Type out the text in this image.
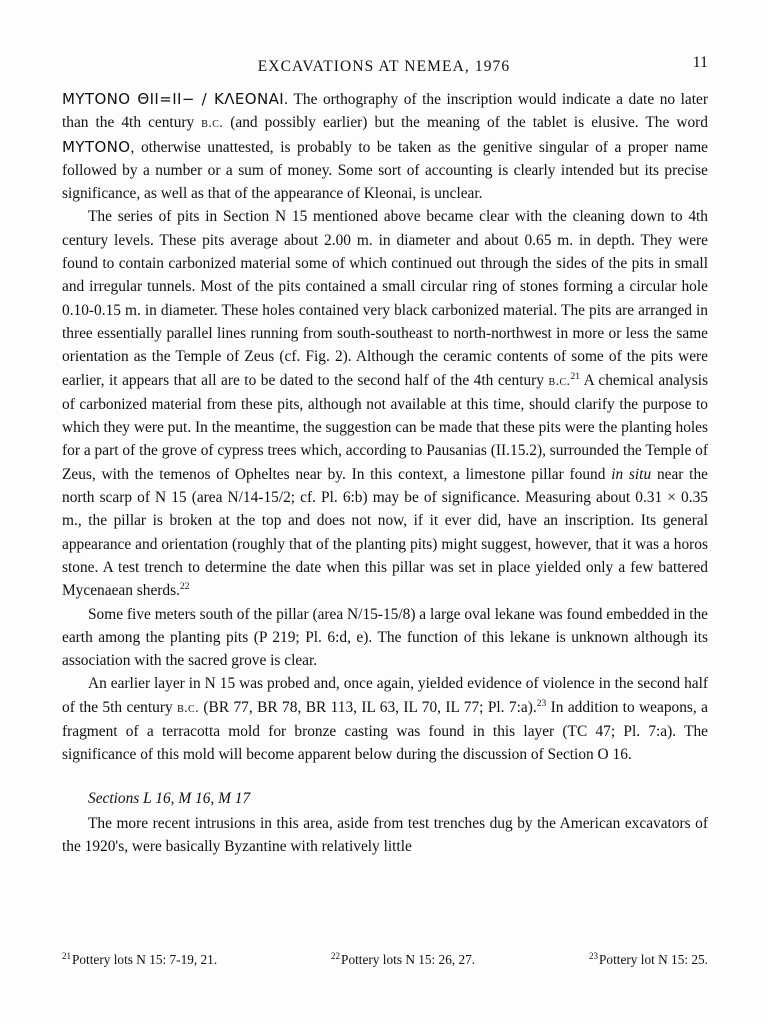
EXCAVATIONS AT NEMEA, 1976	11

ΜΥΤΟΝΟ ΘΙΙ=ΙΙ− / ΚΛΕΟΝΑΙ. The orthography of the inscription would indicate a date no later than the 4th century b.c. (and possibly earlier) but the meaning of the tablet is elusive. The word ΜΥΤΟΝΟ, otherwise unattested, is probably to be taken as the genitive singular of a proper name followed by a number or a sum of money. Some sort of accounting is clearly intended but its precise significance, as well as that of the appearance of Kleonai, is unclear.

The series of pits in Section N 15 mentioned above became clear with the cleaning down to 4th century levels. These pits average about 2.00 m. in diameter and about 0.65 m. in depth. They were found to contain carbonized material some of which continued out through the sides of the pits in small and irregular tunnels. Most of the pits contained a small circular ring of stones forming a circular hole 0.10-0.15 m. in diameter. These holes contained very black carbonized material. The pits are arranged in three essentially parallel lines running from south-southeast to north-northwest in more or less the same orientation as the Temple of Zeus (cf. Fig. 2). Although the ceramic contents of some of the pits were earlier, it appears that all are to be dated to the second half of the 4th century b.c.$^{21}$ A chemical analysis of carbonized material from these pits, although not available at this time, should clarify the purpose to which they were put. In the meantime, the suggestion can be made that these pits were the planting holes for a part of the grove of cypress trees which, according to Pausanias (II.15.2), surrounded the Temple of Zeus, with the temenos of Opheltes near by. In this context, a limestone pillar found in situ near the north scarp of N 15 (area N/14-15/2; cf. Pl. 6:b) may be of significance. Measuring about 0.31 × 0.35 m., the pillar is broken at the top and does not now, if it ever did, have an inscription. Its general appearance and orientation (roughly that of the planting pits) might suggest, however, that it was a horos stone. A test trench to determine the date when this pillar was set in place yielded only a few battered Mycenaean sherds.$^{22}$

Some five meters south of the pillar (area N/15-15/8) a large oval lekane was found embedded in the earth among the planting pits (P 219; Pl. 6:d, e). The function of this lekane is unknown although its association with the sacred grove is clear.

An earlier layer in N 15 was probed and, once again, yielded evidence of violence in the second half of the 5th century b.c. (BR 77, BR 78, BR 113, IL 63, IL 70, IL 77; Pl. 7:a).$^{23}$ In addition to weapons, a fragment of a terracotta mold for bronze casting was found in this layer (TC 47; Pl. 7:a). The significance of this mold will become apparent below during the discussion of Section O 16.

Sections L 16, M 16, M 17

The more recent intrusions in this area, aside from test trenches dug by the American excavators of the 1920's, were basically Byzantine with relatively little

$^{21}$Pottery lots N 15: 7-19, 21.	$^{22}$Pottery lots N 15: 26, 27.	$^{23}$Pottery lot N 15: 25.
